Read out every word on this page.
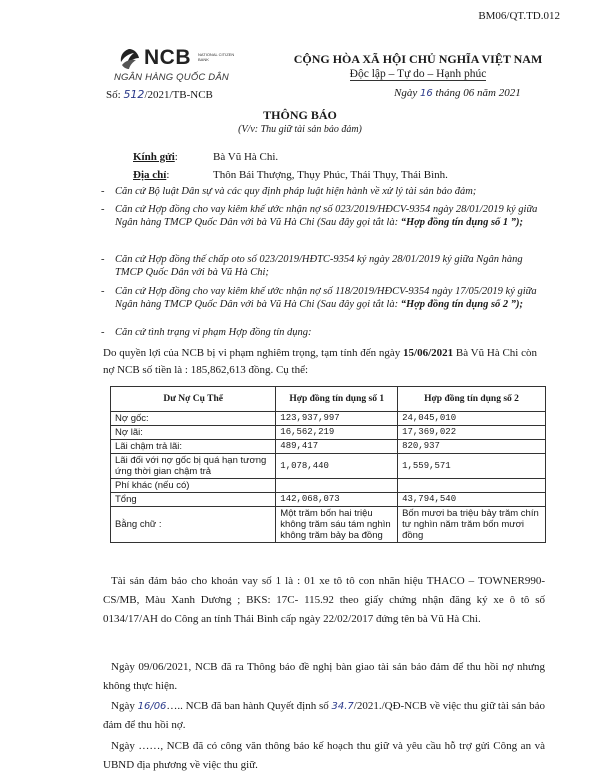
BM06/QT.TD.012
NCB NATIONAL CITIZEN BANK
NGÂN HÀNG QUỐC DÂN
Số: 512/2021/TB-NCB
CỘNG HÒA XÃ HỘI CHỦ NGHĨA VIỆT NAM
Độc lập – Tự do – Hạnh phúc
Ngày 16 tháng 06 năm 2021
THÔNG BÁO
(V/v: Thu giữ tài sản bảo đảm)
Kính gửi:	Bà Vũ Hà Chi.
Địa chỉ:	Thôn Bái Thượng, Thụy Phúc, Thái Thụy, Thái Bình.
- Căn cứ Bộ luật Dân sự và các quy định pháp luật hiện hành về xử lý tài sản bảo đảm;
- Căn cứ Hợp đồng cho vay kiêm khế ước nhận nợ số 023/2019/HĐCV-9354 ngày 28/01/2019 ký giữa Ngân hàng TMCP Quốc Dân với bà Vũ Hà Chi (Sau đây gọi tắt là: “Hợp đồng tín dụng số 1 ”);
- Căn cứ Hợp đồng thế chấp oto số 023/2019/HĐTC-9354 ký ngày 28/01/2019 ký giữa Ngân hàng TMCP Quốc Dân với bà Vũ Hà Chi;
- Căn cứ Hợp đồng cho vay kiêm khế ước nhận nợ số 118/2019/HĐCV-9354 ngày 17/05/2019 ký giữa Ngân hàng TMCP Quốc Dân với bà Vũ Hà Chi (Sau đây gọi tắt là: “Hợp đồng tín dụng số 2 ”);
- Căn cứ tình trạng vi phạm Hợp đồng tín dụng:
Do quyền lợi của NCB bị vi phạm nghiêm trọng, tạm tính đến ngày 15/06/2021 Bà Vũ Hà Chi còn nợ NCB số tiền là : 185,862,613 đồng. Cụ thể:
Dư Nợ Cụ Thể	Hợp đồng tín dụng số 1	Hợp đồng tín dụng số 2
Nợ gốc:	123,937,997	24,045,010
Nợ lãi:	16,562,219	17,369,022
Lãi chậm trả lãi:	489,417	820,937
Lãi đối với nợ gốc bị quá hạn tương ứng thời gian chậm trả	1,078,440	1,559,571
Phí khác (nếu có)		
Tổng	142,068,073	43,794,540
Bằng chữ :	Một trăm bốn hai triệu không trăm sáu tám nghìn không trăm bảy ba đồng	Bốn mươi ba triệu bảy trăm chín tư nghìn năm trăm bốn mươi đồng
Tài sản đảm bảo cho khoản vay số 1 là : 01 xe tô tô con nhãn hiệu THACO – TOWNER990-CS/MB, Màu Xanh Dương ; BKS: 17C- 115.92 theo giấy chứng nhận đăng ký xe ô tô số 0134/17/AH do Công an tỉnh Thái Bình cấp ngày 22/02/2017 đứng tên bà Vũ Hà Chi.
Ngày 09/06/2021, NCB đã ra Thông báo đề nghị bàn giao tài sản bảo đảm để thu hồi nợ nhưng không thực hiện.
Ngày 16/06….. NCB đã ban hành Quyết định số 34.7/2021./QĐ-NCB về việc thu giữ tài sản bảo đảm để thu hồi nợ.
Ngày ……, NCB đã có công văn thông báo kế hoạch thu giữ và yêu cầu hỗ trợ gửi Công an và UBND địa phương về việc thu giữ.
